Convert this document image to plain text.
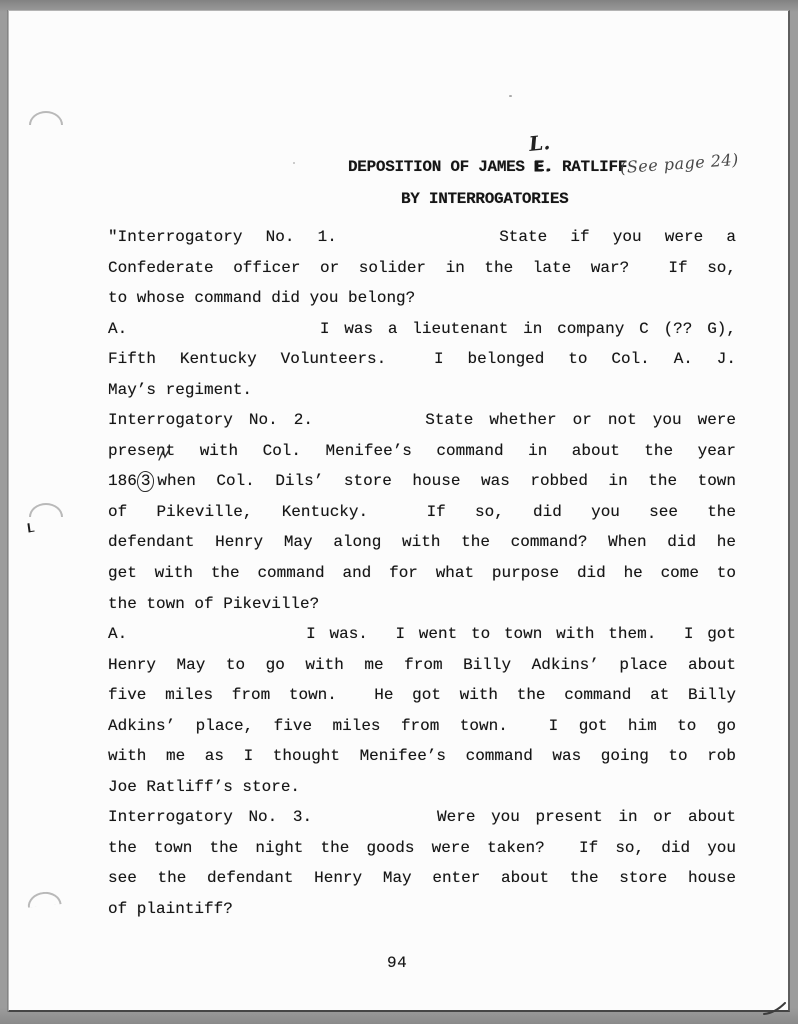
DEPOSITION OF JAMES E. RATLIFF
L.
(See page 24)
BY INTERROGATORIES
"Interrogatory No. 1.       State if you were a
Confederate officer or solider in the late war?  If so,
to whose command did you belong?
A.             I was a lieutenant in company C (?? G),
Fifth Kentucky Volunteers.  I belonged to Col. A. J.
May’s regiment.
Interrogatory No. 2.       State whether or not you were
present with Col. Menifee’s command in about the year
186 3 when Col. Dils’ store house was robbed in the town
of Pikeville, Kentucky.  If so, did you see the
defendant Henry May along with the command? When did he
get with the command and for what purpose did he come to
the town of Pikeville?
A.             I was.  I went to town with them.  I got
Henry May to go with me from Billy Adkins’ place about
five miles from town.  He got with the command at Billy
Adkins’ place, five miles from town.  I got him to go
with me as I thought Menifee’s command was going to rob
Joe Ratliff’s store.
Interrogatory No. 3.        Were you present in or about
the town the night the goods were taken?  If so, did you
see the defendant Henry May enter about the store house
of plaintiff?
94
